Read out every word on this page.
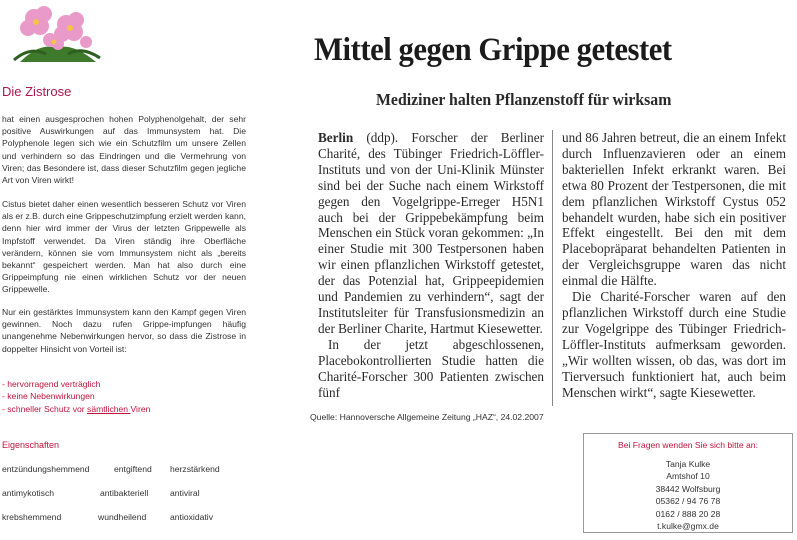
Die Zistrose
hat einen ausgesprochen hohen Polyphenolgehalt, der sehr positive Auswirkungen auf das Immunsystem hat. Die Polyphenole legen sich wie ein Schutzfilm um unsere Zellen und verhindern so das Eindringen und die Vermehrung von Viren; das Besondere ist, dass dieser Schutzfilm gegen jegliche Art von Viren wirkt!
Cistus bietet daher einen wesentlich besseren Schutz vor Viren als er z.B. durch eine Grippeschutzimpfung erzielt werden kann, denn hier wird immer der Virus der letzten Grippewelle als Impfstoff verwendet. Da Viren ständig ihre Oberfläche verändern, können sie vom Immunsystem nicht als „bereits bekannt“ gespeichert werden. Man hat also durch eine Grippeimpfung nie einen wirklichen Schutz vor der neuen Grippewelle.
Nur ein gestärktes Immunsystem kann den Kampf gegen Viren gewinnen. Noch dazu rufen Grippe-impfungen häufig unangenehme Nebenwirkungen hervor, so dass die Zistrose in doppelter Hinsicht von Vorteil ist:
- hervorragend verträglich
- keine Nebenwirkungen
- schneller Schutz vor sämtlichen Viren
Eigenschaften
entzündungshemmend	entgiftend herzstärkend
antimykotisch	antibakteriell	antiviral
krebshemmend	wundheilend	antioxidativ
Mittel gegen Grippe getestet
Mediziner halten Pflanzenstoff für wirksam

Berlin (ddp). Forscher der Berliner Charité, des Tübinger Friedrich-Löffler-Instituts und von der Uni-Klinik Münster sind bei der Suche nach einem Wirkstoff gegen den Vogelgrippe-Erreger H5N1 auch bei der Grippebekämpfung beim Menschen ein Stück voran gekommen: „In einer Studie mit 300 Testpersonen haben wir einen pflanzlichen Wirkstoff getestet, der das Potenzial hat, Grippeepidemien und Pandemien zu verhindern“, sagt der Institutsleiter für Transfusionsmedizin an der Berliner Charite, Hartmut Kiesewetter.

In der jetzt abgeschlossenen, Placebokontrollierten Studie hatten die Charité-Forscher 300 Patienten zwischen fünf

und 86 Jahren betreut, die an einem Infekt durch Influenzavieren oder an einem bakteriellen Infekt erkrankt waren. Bei etwa 80 Prozent der Testpersonen, die mit dem pflanzlichen Wirkstoff Cystus 052 behandelt wurden, habe sich ein positiver Effekt eingestellt. Bei den mit dem Placebopräparat behandelten Patienten in der Vergleichsgruppe waren das nicht einmal die Hälfte.

Die Charité-Forscher waren auf den pflanzlichen Wirkstoff durch eine Studie zur Vogelgrippe des Tübinger Friedrich-Löffler-Instituts aufmerksam geworden. „Wir wollten wissen, ob das, was dort im Tierversuch funktioniert hat, auch beim Menschen wirkt“, sagte Kiesewetter.

Quelle: Hannoversche Allgemeine Zeitung „HAZ“, 24.02.2007
Bei Fragen wenden Sie sich bitte an:
Tanja Kulke
Amtshof 10
38442 Wolfsburg
05362 / 94 76 78
0162 / 888 20 28
t.kulke@gmx.de
